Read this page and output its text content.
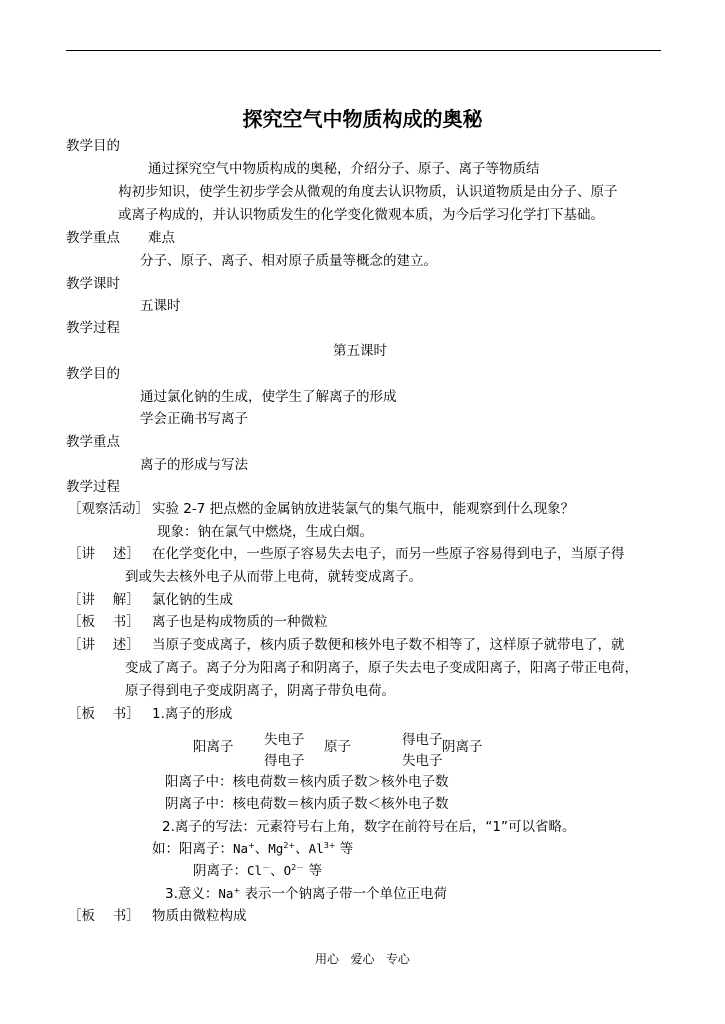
探究空气中物质构成的奥秘
教学目的
通过探究空气中物质构成的奥秘，介绍分子、原子、离子等物质结
构初步知识，使学生初步学会从微观的角度去认识物质，认识道物质是由分子、原子
或离子构成的，并认识物质发生的化学变化微观本质，为今后学习化学打下基础。
教学重点 难点
分子、原子、离子、相对原子质量等概念的建立。
教学课时
五课时
教学过程
第五课时
教学目的
通过氯化钠的生成，使学生了解离子的形成
学会正确书写离子
教学重点
离子的形成与写法
教学过程
［观察活动］ 实验 2-7 把点燃的金属钠放进装氯气的集气瓶中，能观察到什么现象？
现象：钠在氯气中燃烧，生成白烟。
［讲　 述］ 在化学变化中，一些原子容易失去电子，而另一些原子容易得到电子，当原子得
到或失去核外电子从而带上电荷，就转变成离子。
［讲　 解］ 氯化钠的生成
［板　 书］ 离子也是构成物质的一种微粒
［讲　 述］ 当原子变成离子，核内质子数便和核外电子数不相等了，这样原子就带电了，就
变成了离子。离子分为阳离子和阴离子，原子失去电子变成阳离子，阳离子带正电荷，
原子得到电子变成阴离子，阴离子带负电荷。
［板　 书］ 1.离子的形成
阳离子 失电子
得电子
原子	得电子 阴离子
失电子
阳离子中：核电荷数＝核内质子数＞核外电子数
阴离子中：核电荷数＝核内质子数＜核外电子数
2.离子的写法：元素符号右上角，数字在前符号在后，“1”可以省略。
如：阳离子：Na+、$Mg^{2+}$、$Al^{3+}$ 等
阴离子：Cl－、$O^{2-}$ 等
3.意义：Na+ 表示一个钠离子带一个单位正电荷
［板　 书］ 物质由微粒构成
用心   爱心   专心
